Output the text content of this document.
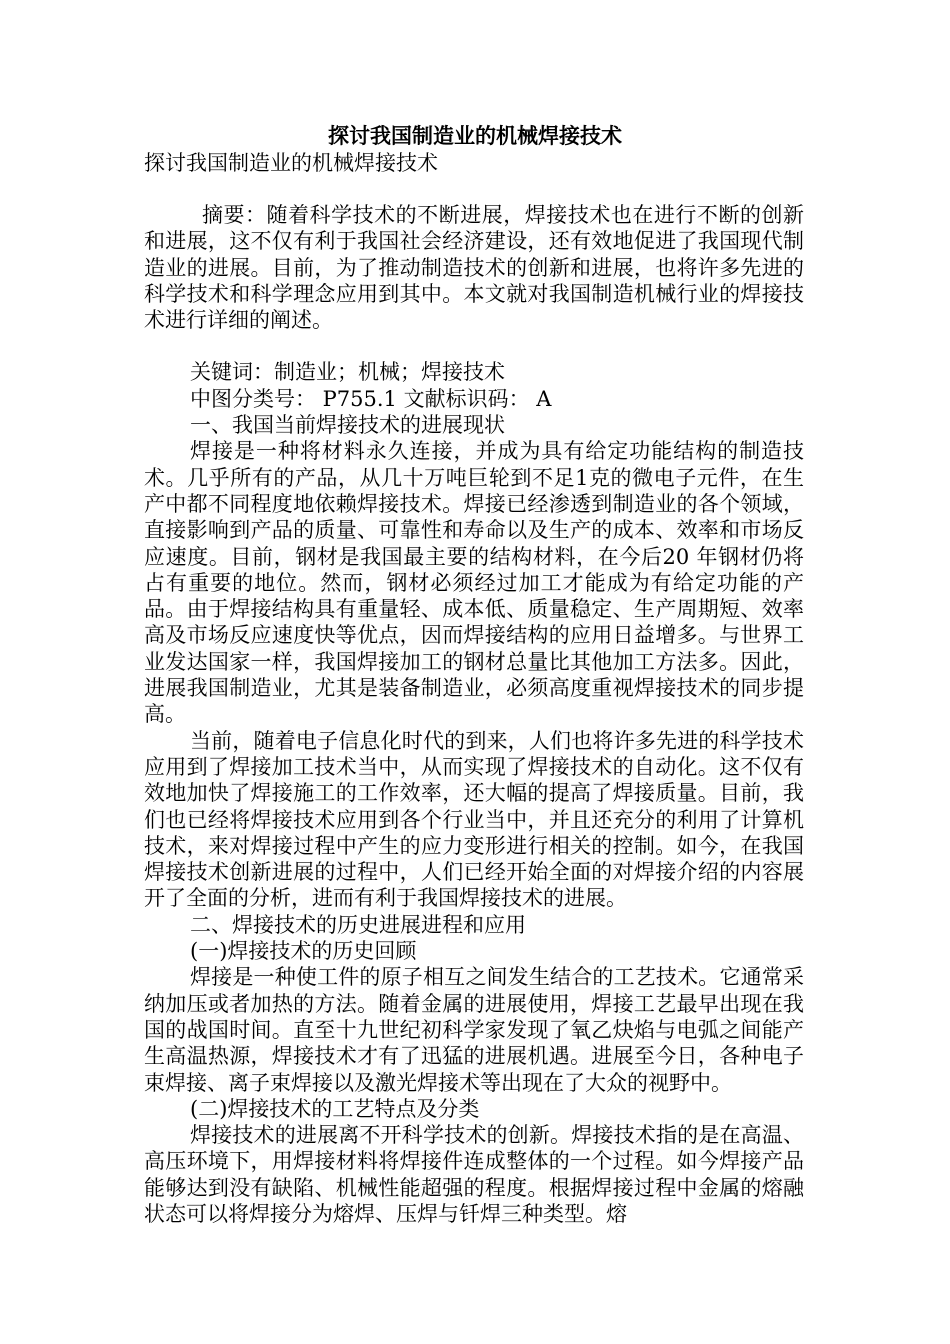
探讨我国制造业的机械焊接技术
探讨我国制造业的机械焊接技术

摘要：随着科学技术的不断进展，焊接技术也在进行不断的创新和进展，这不仅有利于我国社会经济建设，还有效地促进了我国现代制造业的进展。目前，为了推动制造技术的创新和进展，也将许多先进的科学技术和科学理念应用到其中。本文就对我国制造机械行业的焊接技术进行详细的阐述。

关键词：制造业；机械；焊接技术

中图分类号： P755.1 文献标识码： A

一、我国当前焊接技术的进展现状

焊接是一种将材料永久连接，并成为具有给定功能结构的制造技术。几乎所有的产品，从几十万吨巨轮到不足1克的微电子元件，在生产中都不同程度地依赖焊接技术。焊接已经渗透到制造业的各个领域，直接影响到产品的质量、可靠性和寿命以及生产的成本、效率和市场反应速度。目前，钢材是我国最主要的结构材料，在今后20 年钢材仍将占有重要的地位。然而，钢材必须经过加工才能成为有给定功能的产品。由于焊接结构具有重量轻、成本低、质量稳定、生产周期短、效率高及市场反应速度快等优点，因而焊接结构的应用日益增多。与世界工业发达国家一样，我国焊接加工的钢材总量比其他加工方法多。因此，进展我国制造业，尤其是装备制造业，必须高度重视焊接技术的同步提高。

当前，随着电子信息化时代的到来，人们也将许多先进的科学技术应用到了焊接加工技术当中，从而实现了焊接技术的自动化。这不仅有效地加快了焊接施工的工作效率，还大幅的提高了焊接质量。目前，我们也已经将焊接技术应用到各个行业当中，并且还充分的利用了计算机技术，来对焊接过程中产生的应力变形进行相关的控制。如今，在我国焊接技术创新进展的过程中，人们已经开始全面的对焊接介绍的内容展开了全面的分析，进而有利于我国焊接技术的进展。

二、焊接技术的历史进展进程和应用

(一)焊接技术的历史回顾

焊接是一种使工件的原子相互之间发生结合的工艺技术。它通常采纳加压或者加热的方法。随着金属的进展使用，焊接工艺最早出现在我国的战国时间。直至十九世纪初科学家发现了氧乙炔焰与电弧之间能产生高温热源，焊接技术才有了迅猛的进展机遇。进展至今日，各种电子束焊接、离子束焊接以及激光焊接术等出现在了大众的视野中。

(二)焊接技术的工艺特点及分类

焊接技术的进展离不开科学技术的创新。焊接技术指的是在高温、高压环境下，用焊接材料将焊接件连成整体的一个过程。如今焊接产品能够达到没有缺陷、机械性能超强的程度。根据焊接过程中金属的熔融状态可以将焊接分为熔焊、压焊与钎焊三种类型。熔
